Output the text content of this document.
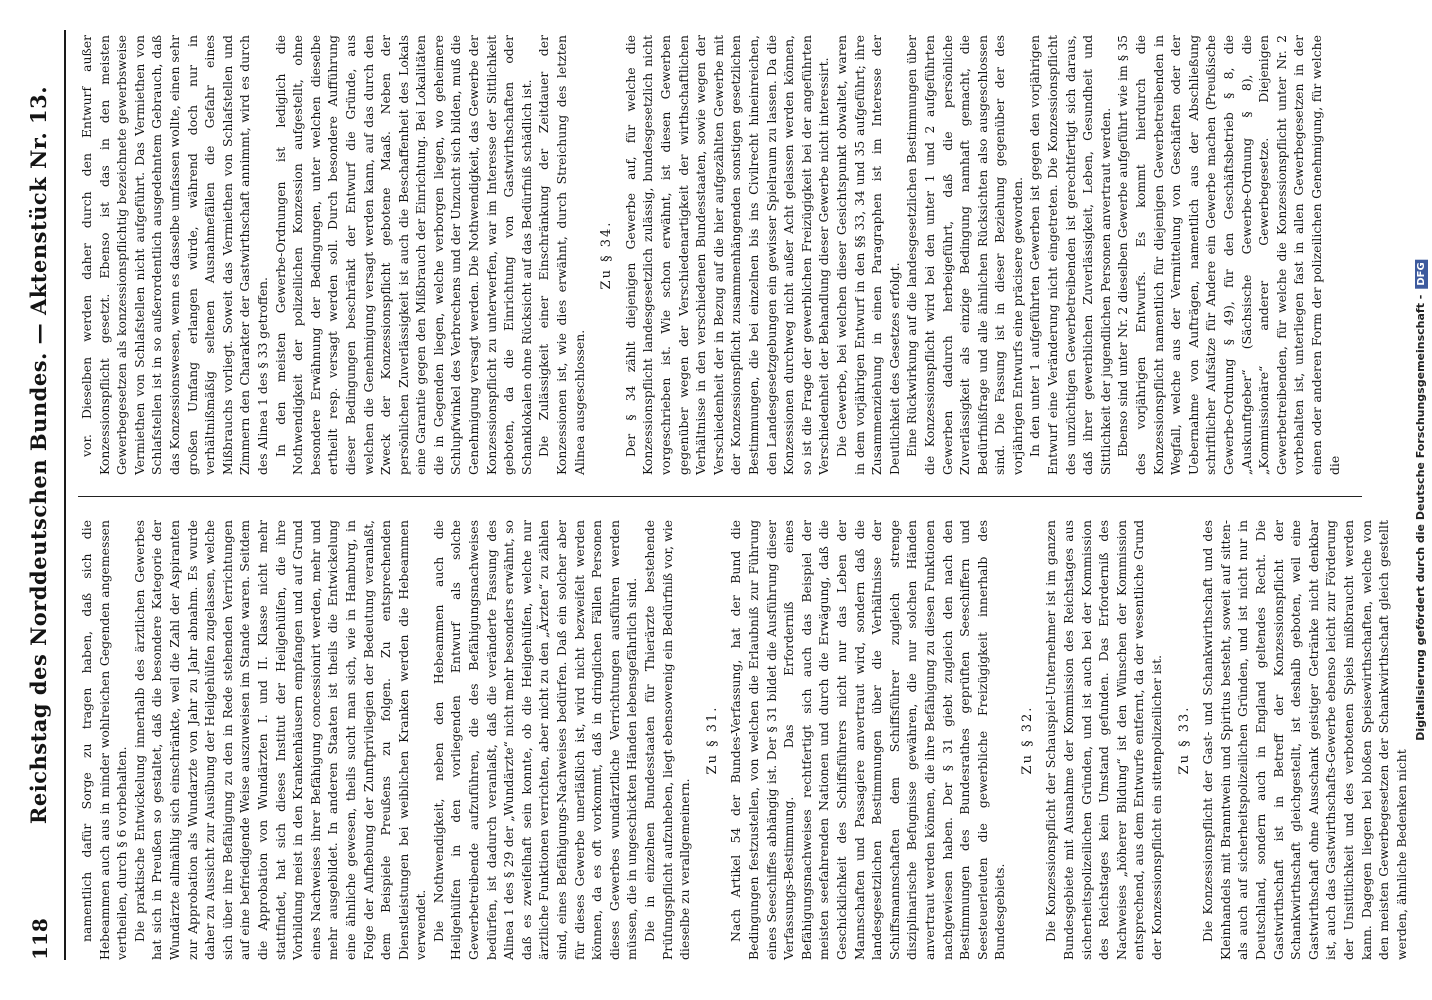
118
Reichstag des Norddeutschen Bundes. — Aktenstück Nr. 13. namentlich dafür Sorge zu tragen haben, daß sich die Hebeammen auch aus in minder wohlreichen Gegenden angemessen vertheilen, durch § 6 vorbehalten. Die praktische Entwickelung innerhalb des ärztlichen Gewerbes hat sich in Preußen so gestaltet, daß die besondere Kategorie der Wundärzte allmählig sich einschränkte, weil die Zahl der Aspiranten zur Approbation als Wundarzte von Jahr zu Jahr abnahm. Es wurde daher zu Aussicht zur Ausübung der Heilgehülfen zugelassen, welche sich über ihre Befähigung zu den in Rede stehenden Verrichtungen auf eine befriedigende Weise auszuweisen im Stande waren. Seitdem die Approbation von Wundärzten I. und II. Klasse nicht mehr stattfindet, hat sich dieses Institut der Heilgehülfen, die ihre Vorbildung meist in den Krankenhäusern empfangen und auf Grund eines Nachweises ihrer Befähigung concessionirt werden, mehr und mehr ausgebildet. In anderen Staaten ist theils die Entwickelung eine ähnliche gewesen, theils sucht man sich, wie in Hamburg, in Folge der Aufhebung der Zunftprivilegien der Bedeutung veranlaßt, dem Beispiele Preußens zu folgen. Zu entsprechenden Dienstleistungen bei weiblichen Kranken werden die Hebeammen verwendet. Die Nothwendigkeit, neben den Hebeammen auch die Heilgehülfen in den vorliegenden Entwurf als solche Gewerbetreibende aufzuführen, die des Befähigungsnachweises bedürfen, ist dadurch veranlaßt, daß die veränderte Fassung des Alinea 1 des § 29 der „Wundärzte“ nicht mehr besonders erwähnt, so daß es zweifelhaft sein konnte, ob die Heilgehülfen, welche nur ärztliche Funktionen verrichten, aber nicht zu den „Ärzten“ zu zählen sind, eines Befähigungs-Nachweises bedürfen. Daß ein solcher aber für dieses Gewerbe unerläßlich ist, wird nicht bezweifelt werden können, da es oft vorkommt, daß in dringlichen Fällen Personen dieses Gewerbes wundärztliche Verrichtungen ausführen werden müssen, die in ungeschickten Händen lebensgefährlich sind. Die in einzelnen Bundesstaaten für Thierärzte bestehende Prüfungspflicht aufzuheben, liegt ebensowenig ein Bedürfniß vor, wie dieselbe zu verallgemeinern.

Zu § 31. Nach Artikel 54 der Bundes-Verfassung, hat der Bund die Bedingungen festzustellen, von welchen die Erlaubniß zur Führung eines Seeschiffes abhängig ist. Der § 31 bildet die Ausführung dieser Verfassungs-Bestimmung. Das Erforderniß eines Befähigungsnachweises rechtfertigt sich auch das Beispiel der meisten seefahrenden Nationen und durch die Erwägung, daß die Geschicklichkeit des Schiffsführers nicht nur das Leben der Mannschaften und Passagiere anvertraut wird, sondern daß die landesgesetzlichen Bestimmungen über die Verhältnisse der Schiffsmannschaften dem Schiffsführer zugleich strenge disziplinarische Befugnisse gewähren, die nur solchen Händen anvertraut werden können, die ihre Befähigung zu diesen Funktionen nachgewiesen haben. Der § 31 giebt zugleich den nach den Bestimmungen des Bundesrathes geprüften Seeschiffern und Seesteuerleuten die gewerbliche Freizügigkeit innerhalb des Bundesgebiets.

Zu § 32. Die Konzessionspflicht der Schauspiel-Unternehmer ist im ganzen Bundesgebiete mit Ausnahme der Kommission des Reichstages aus sicherheitspolizeilichen Gründen, und ist auch bei der Kommission des Reichstages kein Umstand gefunden. Das Erforderniß des Nachweises „höherer Bildung“ ist den Wünschen der Kommission entsprechend, aus dem Entwurfe entfernt, da der wesentliche Grund der Konzessionspflicht ein sittenpolizeilicher ist. Zu § 33. Die Konzessionspflicht der Gast- und Schankwirthschaft und des Kleinhandels mit Branntwein und Spiritus besteht, soweit auf sitten- als auch auf sicherheitspolizeilichen Gründen, und ist nicht nur in Deutschland, sondern auch in England geltendes Recht. Die Gastwirthschaft ist in Betreff der Konzessionspflicht der Schankwirthschaft gleichgestellt, ist deshalb geboten, weil eine Gastwirthschaft ohne Ausschank geistiger Getränke nicht denkbar ist, auch das Gastwirthschafts-Gewerbe ebenso leicht zur Förderung der Unsittlichkeit und des verbotenen Spiels mißbraucht werden kann. Dagegen liegen bei bloßen Speisewirthschaften, welche von den meisten Gewerbegesetzen der Schankwirthschaft gleich gestellt werden, ähnliche Bedenken nicht

vor. Dieselben werden daher durch den Entwurf außer Konzessionspflicht gesetzt. Ebenso ist das in den meisten Gewerbegesetzen als konzessionspflichtig bezeichnete gewerbsweise Vermiethen von Schlafstellen nicht aufgeführt. Das Vermiethen von Schlafstellen ist in so außerordentlich ausgedehntem Gebrauch, daß das Konzessionswesen, wenn es dasselbe umfassen wollte, einen sehr großen Umfang erlangen würde, während doch nur in verhältnißmäßig seltenen Ausnahmefällen die Gefahr eines Mißbrauchs vorliegt. Soweit das Vermiethen von Schlafstellen und Zimmern den Charakter der Gastwirthschaft annimmt, wird es durch des Alinea 1 des § 33 getroffen. In den meisten Gewerbe-Ordnungen ist lediglich die Nothwendigkeit der polizeilichen Konzession aufgestellt, ohne besondere Erwähnung der Bedingungen, unter welchen dieselbe ertheilt resp. versagt werden soll. Durch besondere Aufführung dieser Bedingungen beschränkt der Entwurf die Gründe, aus welchen die Genehmigung versagt werden kann, auf das durch den Zweck der Konzessionspflicht gebotene Maaß. Neben der persönlichen Zuverlässigkeit ist auch die Beschaffenheit des Lokals eine Garantie gegen den Mißbrauch der Einrichtung. Bei Lokalitäten die in Gegenden liegen, welche verborgen liegen, wo geheimere Schlupfwinkel des Verbrechens und der Unzucht sich bilden, muß die Genehmigung versagt werden. Die Nothwendigkeit, das Gewerbe der Konzessionspflicht zu unterwerfen, war im Interesse der Sittlichkeit geboten, da die Einrichtung von Gastwirthschaften oder Schanklokalen ohne Rücksicht auf das Bedürfniß schädlich ist. Die Zulässigkeit einer Einschränkung der Zeitdauer der Konzessionen ist, wie dies erwähnt, durch Streichung des letzten Alinea ausgeschlossen.

Zu § 34. Der § 34 zählt diejenigen Gewerbe auf, für welche die Konzessionspflicht landesgesetzlich zulässig, bundesgesetzlich nicht vorgeschrieben ist. Wie schon erwähnt, ist diesen Gewerben gegenüber wegen der Verschiedenartigkeit der wirthschaftlichen Verhältnisse in den verschiedenen Bundesstaaten, sowie wegen der Verschiedenheit der in Bezug auf die hier aufgezählten Gewerbe mit der Konzessionspflicht zusammenhängenden sonstigen gesetzlichen Bestimmungen, die bei einzelnen bis ins Civilrecht hineinreichen, den Landesgesetzgebungen ein gewisser Spielraum zu lassen. Da die Konzessionen durchweg nicht außer Acht gelassen werden können, so ist die Frage der gewerblichen Freizügigkeit bei der angeführten Verschiedenheit der Behandlung dieser Gewerbe nicht interessirt. Die Gewerbe, bei welchen dieser Gesichtspunkt obwaltet, waren in dem vorjährigen Entwurf in den §§ 33, 34 und 35 aufgeführt; ihre Zusammenziehung in einen Paragraphen ist im Interesse der Deutlichkeit des Gesetzes erfolgt. Eine Rückwirkung auf die landesgesetzlichen Bestimmungen über die Konzessionspflicht wird bei den unter 1 und 2 aufgeführten Gewerben dadurch herbeigeführt, daß die persönliche Zuverlässigkeit als einzige Bedingung namhaft gemacht, die Bedürfnißfrage und alle ähnlichen Rücksichten also ausgeschlossen sind. Die Fassung ist in dieser Beziehung gegenüber der des vorjährigen Entwurfs eine präcisere geworden. In den unter 1 aufgeführten Gewerben ist gegen den vorjährigen Entwurf eine Veränderung nicht eingetreten. Die Konzessionspflicht des unzüchtigen Gewerbetreibenden ist gerechtfertigt sich daraus, daß ihrer gewerblichen Zuverlässigkeit, Leben, Gesundheit und Sittlichkeit der jugendlichen Personen anvertraut werden. Ebenso sind unter Nr. 2 dieselben Gewerbe aufgeführt wie im § 35 des vorjährigen Entwurfs. Es kommt hierdurch die Konzessionspflicht namentlich für diejenigen Gewerbetreibenden in Wegfall, welche aus der Vermittelung von Geschäften oder der Uebernahme von Aufträgen, namentlich aus der Abschließung schriftlicher Aufsätze für Andere ein Gewerbe machen (Preußische Gewerbe-Ordnung § 49), für den Geschäftsbetrieb § 8, die „Auskunftgeber“ (Sächsische Gewerbe-Ordnung § 8), die „Kommissionäre“ anderer Gewerbegesetze. Diejenigen Gewerbetreibenden, für welche die Konzessionspflicht unter Nr. 2 vorbehalten ist, unterliegen fast in allen Gewerbegesetzen in der einen oder anderen Form der polizeilichen Genehmigung, für welche die	Digitalisierung gefördert durch die Deutsche Forschungsgemeinschaft -DFG
